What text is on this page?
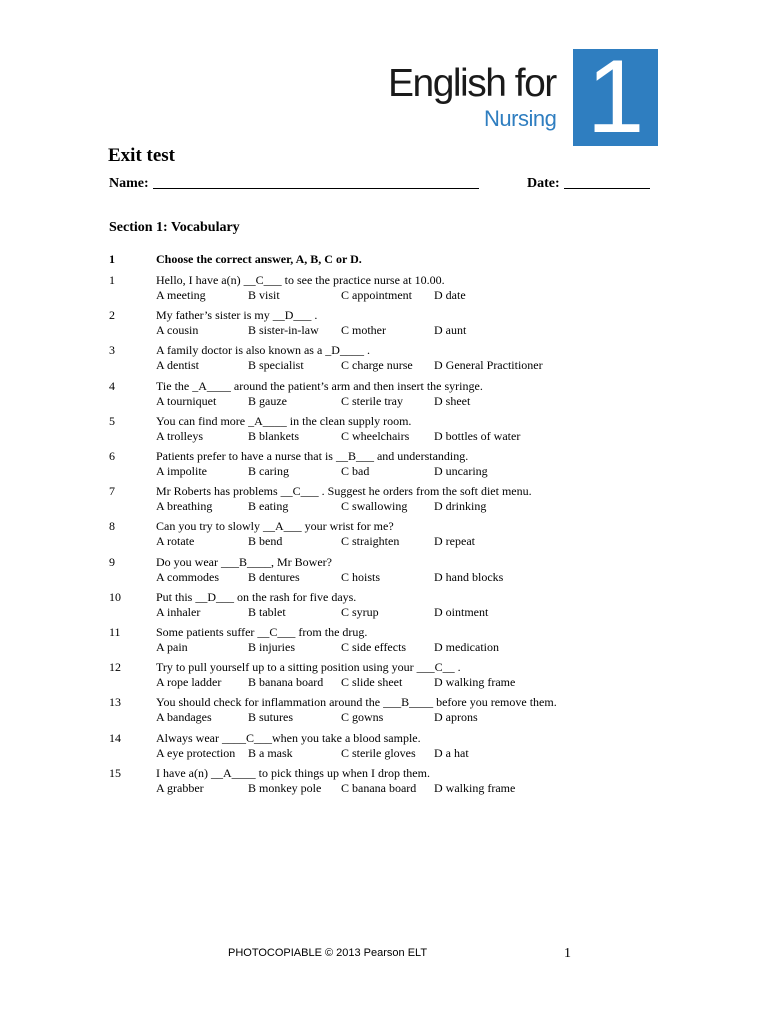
English for
Nursing 1
Exit test
Name:	Date:
Section 1: Vocabulary
1	Choose the correct answer, A, B, C or D.
1	Hello, I have a(n) __C___ to see the practice nurse at 10.00.
A meeting	B visit	C appointment D date
2	My father’s sister is my __D___ .
A cousin	B sister-in-law C mother	D aunt
3	A family doctor is also known as a _D____ .
A dentist	B specialist	C charge nurse D General Practitioner
4	Tie the _A____ around the patient’s arm and then insert the syringe.
A tourniquet	B gauze	C sterile tray	D sheet
5	You can find more _A____ in the clean supply room.
A trolleys	B blankets	C wheelchairs D bottles of water
6	Patients prefer to have a nurse that is __B___ and understanding.
A impolite	B caring	C bad	D uncaring
7	Mr Roberts has problems __C___ . Suggest he orders from the soft diet menu.
A breathing	B eating	C swallowing D drinking
8	Can you try to slowly __A___ your wrist for me?
A rotate	B bend	C straighten	D repeat
9	Do you wear ___B____, Mr Bower?
A commodes B dentures	C hoists	D hand blocks
10	Put this __D___ on the rash for five days.
A inhaler	B tablet	C syrup	D ointment
11	Some patients suffer __C___ from the drug.
A pain	B injuries	C side effects D medication
12	Try to pull yourself up to a sitting position using your ___C__ .
A rope ladder B banana board C slide sheet	D walking frame
13	You should check for inflammation around the ___B____ before you remove them.
A bandages	B sutures	C gowns	D aprons
14	Always wear ____C___when you take a blood sample.
A eye protection B a mask	C sterile gloves D a hat
15	I have a(n) __A____ to pick things up when I drop them.
A grabber	B monkey pole C banana board D walking frame
PHOTOCOPIABLE © 2013 Pearson ELT	1
